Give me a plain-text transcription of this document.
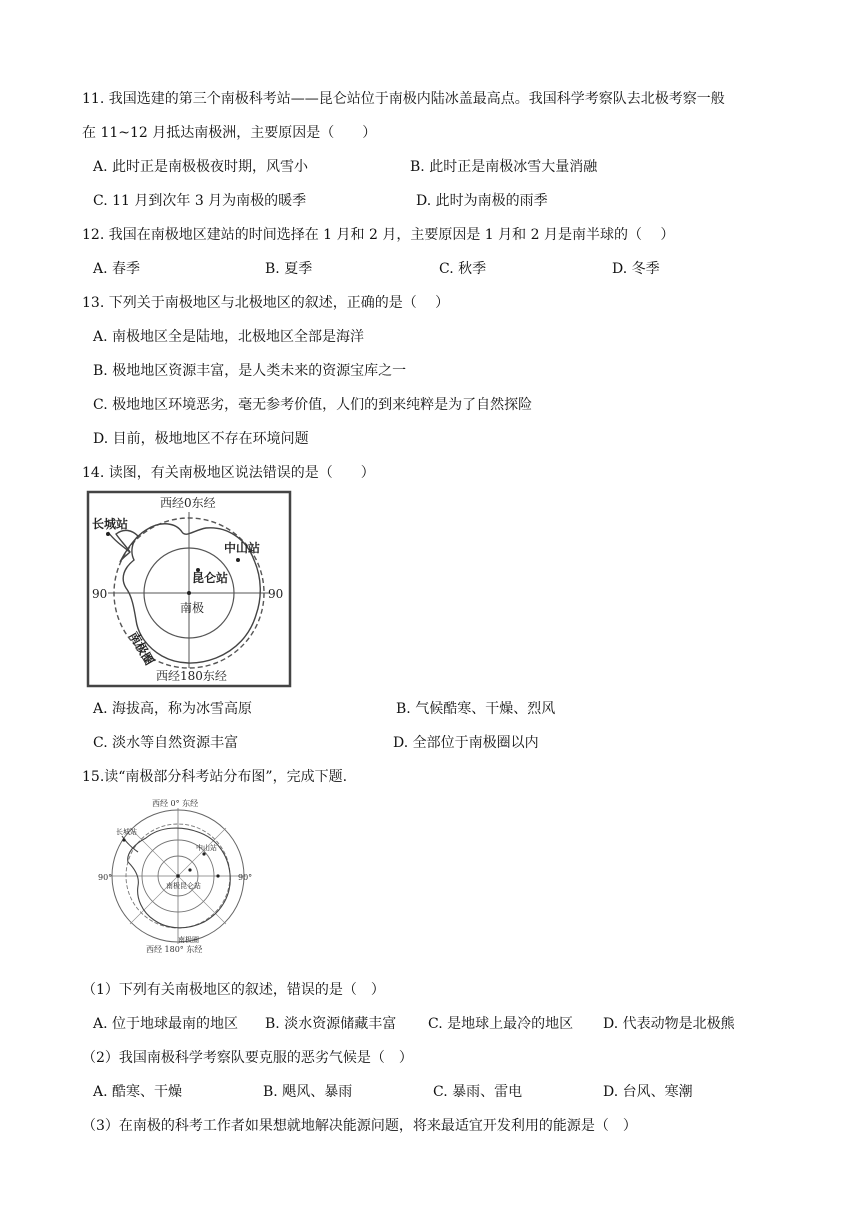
11. 我国选建的第三个南极科考站——昆仑站位于南极内陆冰盖最高点。我国科学考察队去北极考察一般
在 11~12 月抵达南极洲，主要原因是（　　）
A. 此时正是南极极夜时期，风雪小	B. 此时正是南极冰雪大量消融
C. 11 月到次年 3 月为南极的暖季	D. 此时为南极的雨季
12. 我国在南极地区建站的时间选择在 1 月和 2 月，主要原因是 1 月和 2 月是南半球的（　 ）
A. 春季	B. 夏季	C. 秋季	D. 冬季
13. 下列关于南极地区与北极地区的叙述，正确的是（　 ）
A. 南极地区全是陆地，北极地区全部是海洋
B. 极地地区资源丰富，是人类未来的资源宝库之一
C. 极地地区环境恶劣，毫无参考价值，人们的到来纯粹是为了自然探险
D. 目前，极地地区不存在环境问题
14. 读图，有关南极地区说法错误的是（　　）
西经0东经
西经180东经
90	90
长城站
中山站
昆仑站
南极
南极圈
A. 海拔高，称为冰雪高原	B. 气候酷寒、干燥、烈风
C. 淡水等自然资源丰富	D. 全部位于南极圈以内
15.读“南极部分科考站分布图”，完成下题.
西经 0° 东经
西经 180° 东经
90°	90°
长城站
中山站
昆仑站
南极
南极圈
（1）下列有关南极地区的叙述，错误的是（　）
A. 位于地球最南的地区 B. 淡水资源储藏丰富 C. 是地球上最冷的地区 D. 代表动物是北极熊
（2）我国南极科学考察队要克服的恶劣气候是（　）
A. 酷寒、干燥	B. 飓风、暴雨	C. 暴雨、雷电	D. 台风、寒潮
（3）在南极的科考工作者如果想就地解决能源问题，将来最适宜开发利用的能源是（　）
